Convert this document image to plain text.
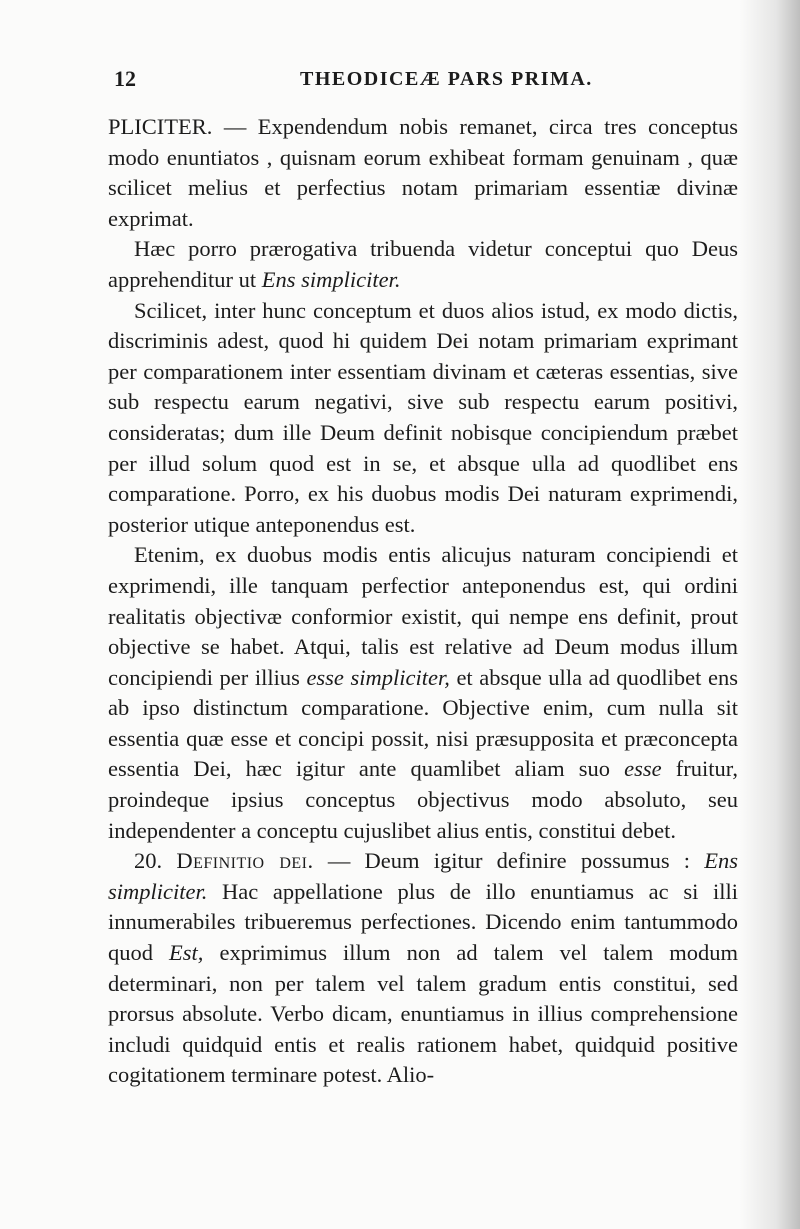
12	THEODICEÆ PARS PRIMA.

PLICITER. — Expendendum nobis remanet, circa tres conceptus modo enuntiatos , quisnam eorum exhibeat formam genuinam , quæ scilicet melius et perfectius notam primariam essentiæ divinæ exprimat.

Hæc porro prærogativa tribuenda videtur conceptui quo Deus apprehenditur ut Ens simpliciter.

Scilicet, inter hunc conceptum et duos alios istud, ex modo dictis, discriminis adest, quod hi quidem Dei notam primariam exprimant per comparationem inter essentiam divinam et cæteras essentias, sive sub respectu earum negativi, sive sub respectu earum positivi, consideratas; dum ille Deum definit nobisque concipiendum præbet per illud solum quod est in se, et absque ulla ad quodlibet ens comparatione. Porro, ex his duobus modis Dei naturam exprimendi, posterior utique anteponendus est.

Etenim, ex duobus modis entis alicujus naturam concipiendi et exprimendi, ille tanquam perfectior anteponendus est, qui ordini realitatis objectivæ conformior existit, qui nempe ens definit, prout objective se habet. Atqui, talis est relative ad Deum modus illum concipiendi per illius esse simpliciter, et absque ulla ad quodlibet ens ab ipso distinctum comparatione. Objective enim, cum nulla sit essentia quæ esse et concipi possit, nisi præsupposita et præconcepta essentia Dei, hæc igitur ante quamlibet aliam suo esse fruitur, proindeque ipsius conceptus objectivus modo absoluto, seu independenter a conceptu cujuslibet alius entis, constitui debet.

20. Definitio dei. — Deum igitur definire possumus : Ens simpliciter. Hac appellatione plus de illo enuntiamus ac si illi innumerabiles tribueremus perfectiones. Dicendo enim tantummodo quod Est, exprimimus illum non ad talem vel talem modum determinari, non per talem vel talem gradum entis constitui, sed prorsus absolute. Verbo dicam, enuntiamus in illius comprehensione includi quidquid entis et realis rationem habet, quidquid positive cogitationem terminare potest. Alio-
